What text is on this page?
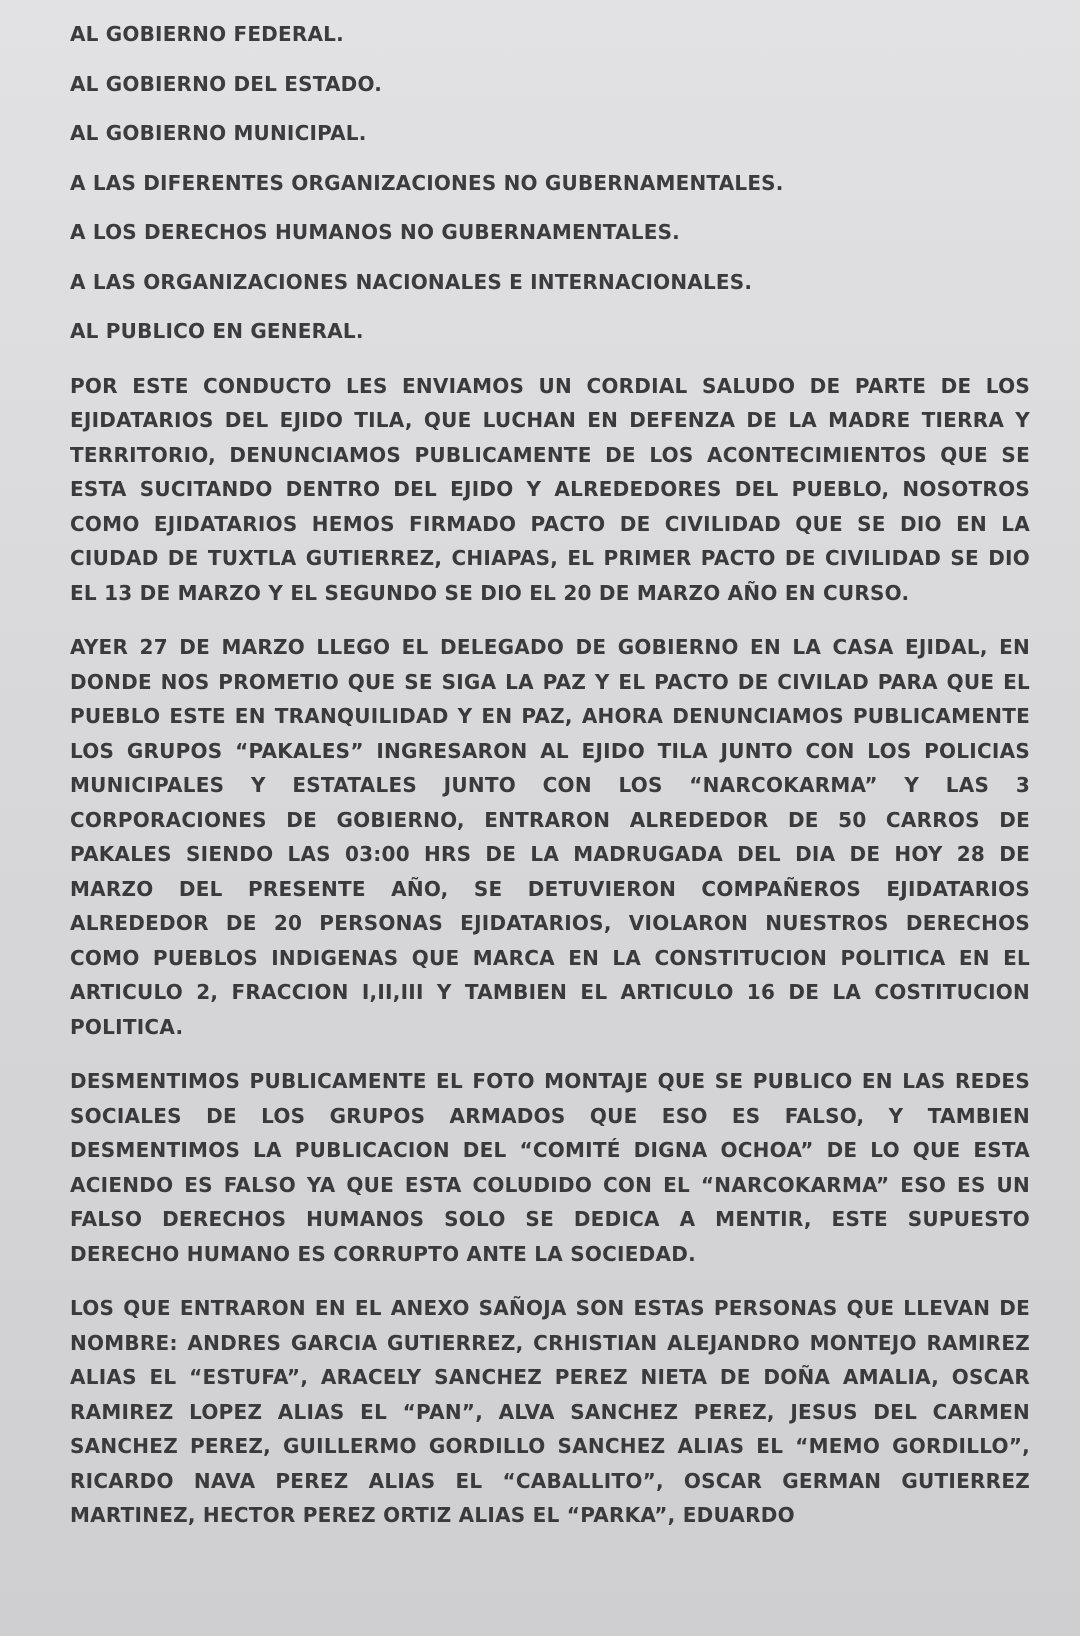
AL GOBIERNO FEDERAL.
AL GOBIERNO DEL ESTADO.
AL GOBIERNO MUNICIPAL.
A LAS DIFERENTES ORGANIZACIONES NO GUBERNAMENTALES.
A LOS DERECHOS HUMANOS NO GUBERNAMENTALES.
A LAS ORGANIZACIONES NACIONALES E INTERNACIONALES.
AL PUBLICO EN GENERAL.

POR ESTE CONDUCTO LES ENVIAMOS UN CORDIAL SALUDO DE PARTE DE LOS EJIDATARIOS DEL EJIDO TILA, QUE LUCHAN EN DEFENZA DE LA MADRE TIERRA Y TERRITORIO, DENUNCIAMOS PUBLICAMENTE DE LOS ACONTECIMIENTOS QUE SE ESTA SUCITANDO DENTRO DEL EJIDO Y ALREDEDORES DEL PUEBLO, NOSOTROS COMO EJIDATARIOS HEMOS FIRMADO PACTO DE CIVILIDAD QUE SE DIO EN LA CIUDAD DE TUXTLA GUTIERREZ, CHIAPAS, EL PRIMER PACTO DE CIVILIDAD SE DIO EL 13 DE MARZO Y EL SEGUNDO SE DIO EL 20 DE MARZO AÑO EN CURSO.

AYER 27 DE MARZO LLEGO EL DELEGADO DE GOBIERNO EN LA CASA EJIDAL, EN DONDE NOS PROMETIO QUE SE SIGA LA PAZ Y EL PACTO DE CIVILAD PARA QUE EL PUEBLO ESTE EN TRANQUILIDAD Y EN PAZ, AHORA DENUNCIAMOS PUBLICAMENTE LOS GRUPOS “PAKALES” INGRESARON AL EJIDO TILA JUNTO CON LOS POLICIAS MUNICIPALES Y ESTATALES JUNTO CON LOS “NARCOKARMA” Y LAS 3 CORPORACIONES DE GOBIERNO, ENTRARON ALREDEDOR DE 50 CARROS DE PAKALES SIENDO LAS 03:00 HRS DE LA MADRUGADA DEL DIA DE HOY 28 DE MARZO DEL PRESENTE AÑO, SE DETUVIERON COMPAÑEROS EJIDATARIOS ALREDEDOR DE 20 PERSONAS EJIDATARIOS, VIOLARON NUESTROS DERECHOS COMO PUEBLOS INDIGENAS QUE MARCA EN LA CONSTITUCION POLITICA EN EL ARTICULO 2, FRACCION I,II,III Y TAMBIEN EL ARTICULO 16 DE LA COSTITUCION POLITICA.

DESMENTIMOS PUBLICAMENTE EL FOTO MONTAJE QUE SE PUBLICO EN LAS REDES SOCIALES DE LOS GRUPOS ARMADOS QUE ESO ES FALSO, Y TAMBIEN DESMENTIMOS LA PUBLICACION DEL “COMITÉ DIGNA OCHOA” DE LO QUE ESTA ACIENDO ES FALSO YA QUE ESTA COLUDIDO CON EL “NARCOKARMA” ESO ES UN FALSO DERECHOS HUMANOS SOLO SE DEDICA A MENTIR, ESTE SUPUESTO DERECHO HUMANO ES CORRUPTO ANTE LA SOCIEDAD.

LOS QUE ENTRARON EN EL ANEXO SAÑOJA SON ESTAS PERSONAS QUE LLEVAN DE NOMBRE: ANDRES GARCIA GUTIERREZ, CRHISTIAN ALEJANDRO MONTEJO RAMIREZ ALIAS EL “ESTUFA”, ARACELY SANCHEZ PEREZ NIETA DE DOÑA AMALIA, OSCAR RAMIREZ LOPEZ ALIAS EL “PAN”, ALVA SANCHEZ PEREZ, JESUS DEL CARMEN SANCHEZ PEREZ, GUILLERMO GORDILLO SANCHEZ ALIAS EL “MEMO GORDILLO”, RICARDO NAVA PEREZ ALIAS EL “CABALLITO”, OSCAR GERMAN GUTIERREZ MARTINEZ, HECTOR PEREZ ORTIZ ALIAS EL “PARKA”, EDUARDO
